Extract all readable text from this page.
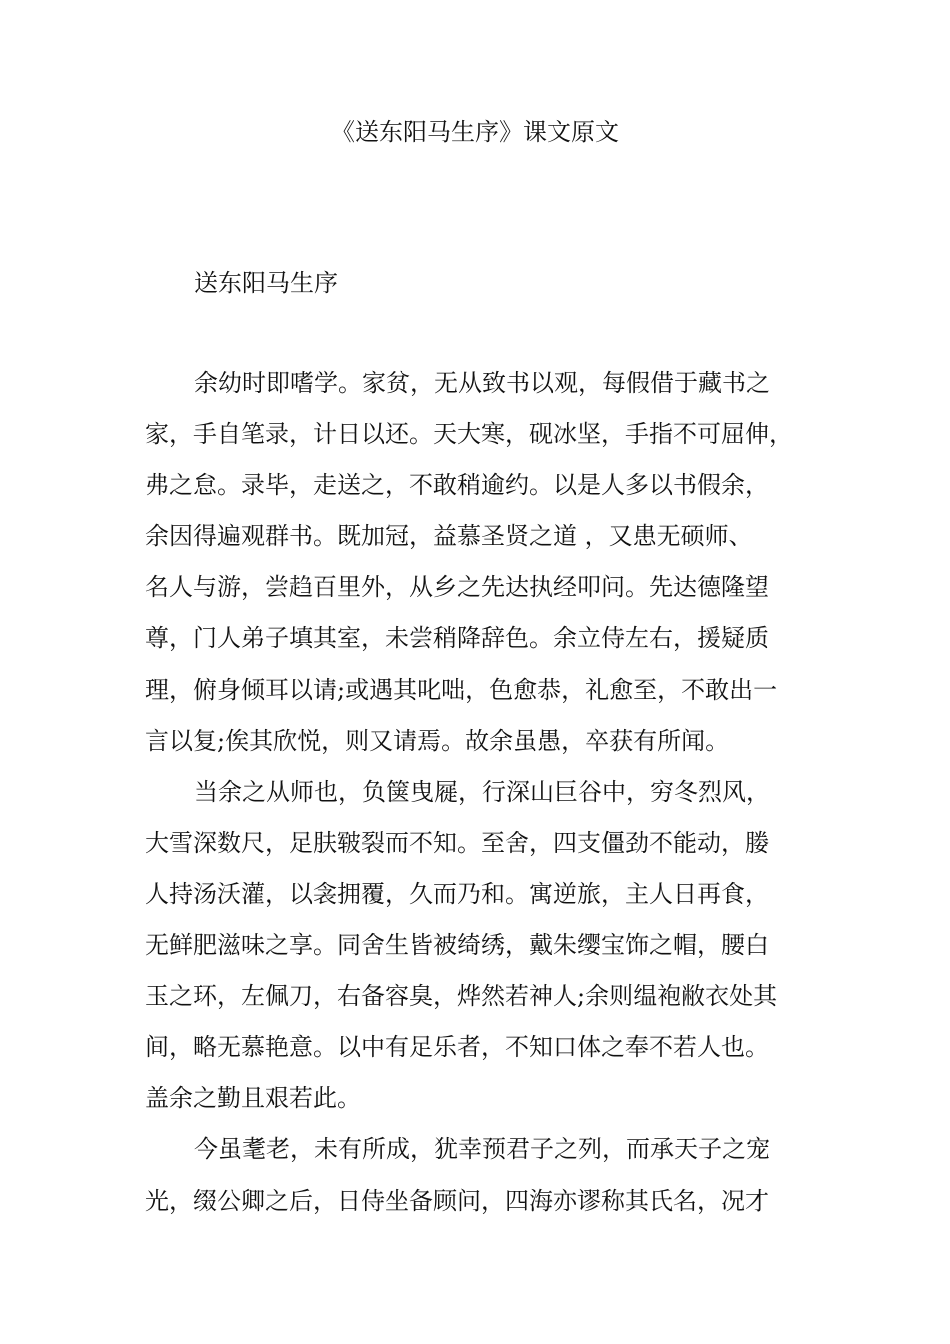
《送东阳马生序》课文原文
送东阳马生序
余幼时即嗜学。家贫，无从致书以观，每假借于藏书之
家，手自笔录，计日以还。天大寒，砚冰坚，手指不可屈伸，
弗之怠。录毕，走送之，不敢稍逾约。以是人多以书假余，
余因得遍观群书。既加冠，益慕圣贤之道 ，又患无硕师、
名人与游，尝趋百里外，从乡之先达执经叩问。先达德隆望
尊，门人弟子填其室，未尝稍降辞色。余立侍左右，援疑质
理，俯身倾耳以请;或遇其叱咄，色愈恭，礼愈至，不敢出一
言以复;俟其欣悦，则又请焉。故余虽愚，卒获有所闻。
当余之从师也，负箧曳屣，行深山巨谷中，穷冬烈风，
大雪深数尺，足肤皲裂而不知。至舍，四支僵劲不能动，媵
人持汤沃灌，以衾拥覆，久而乃和。寓逆旅，主人日再食，
无鲜肥滋味之享。同舍生皆被绮绣，戴朱缨宝饰之帽，腰白
玉之环，左佩刀，右备容臭，烨然若神人;余则缊袍敝衣处其
间，略无慕艳意。以中有足乐者，不知口体之奉不若人也。
盖余之勤且艰若此。
今虽耄老，未有所成，犹幸预君子之列，而承天子之宠
光，缀公卿之后，日侍坐备顾问，四海亦谬称其氏名，况才
